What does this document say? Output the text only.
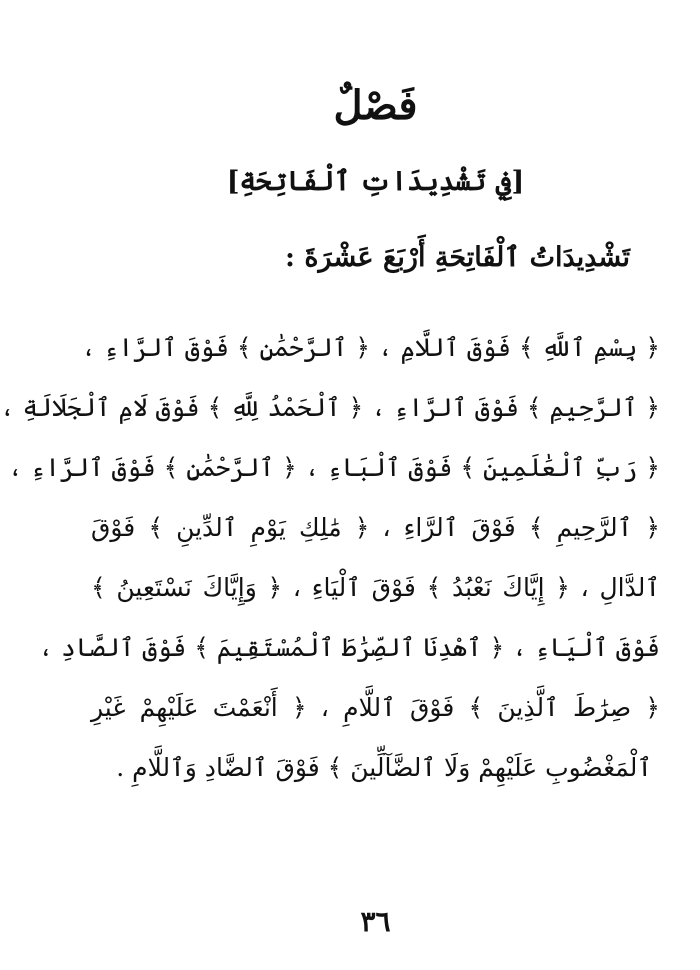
فَصْلٌ
[فِي تَشْدِيدَاتِ ٱلْفَاتِحَةِ]
تَشْدِيدَاتُ ٱلْفَاتِحَةِ أَرْبَعَ عَشْرَةَ :
﴿ بِسْمِ ٱللَّهِ ﴾ فَوْقَ ٱللَّامِ ، ﴿ ٱلرَّحْمَٰنِ ﴾ فَوْقَ ٱلرَّاءِ ،
﴿ ٱلرَّحِيمِ ﴾ فَوْقَ ٱلرَّاءِ ، ﴿ ٱلْحَمْدُ لِلَّهِ ﴾ فَوْقَ لَامِ ٱلْجَلَالَةِ ،
﴿ رَبِّ ٱلْعَٰلَمِينَ ﴾ فَوْقَ ٱلْبَاءِ ، ﴿ ٱلرَّحْمَٰنِ ﴾ فَوْقَ ٱلرَّاءِ ،
﴿ ٱلرَّحِيمِ ﴾ فَوْقَ ٱلرَّاءِ ، ﴿ مَٰلِكِ يَوْمِ ٱلدِّينِ ﴾ فَوْقَ
ٱلدَّالِ ، ﴿ إِيَّاكَ نَعْبُدُ ﴾ فَوْقَ ٱلْيَاءِ ، ﴿ وَإِيَّاكَ نَسْتَعِينُ ﴾
فَوْقَ ٱلْيَاءِ ، ﴿ ٱهْدِنَا ٱلصِّرَٰطَ ٱلْمُسْتَقِيمَ ﴾ فَوْقَ ٱلصَّادِ ،
﴿ صِرَٰطَ ٱلَّذِينَ ﴾ فَوْقَ ٱللَّامِ ، ﴿ أَنْعَمْتَ عَلَيْهِمْ غَيْرِ
ٱلْمَغْضُوبِ عَلَيْهِمْ وَلَا ٱلضَّآلِّينَ ﴾ فَوْقَ ٱلضَّادِ وَٱللَّامِ .
٣٦
